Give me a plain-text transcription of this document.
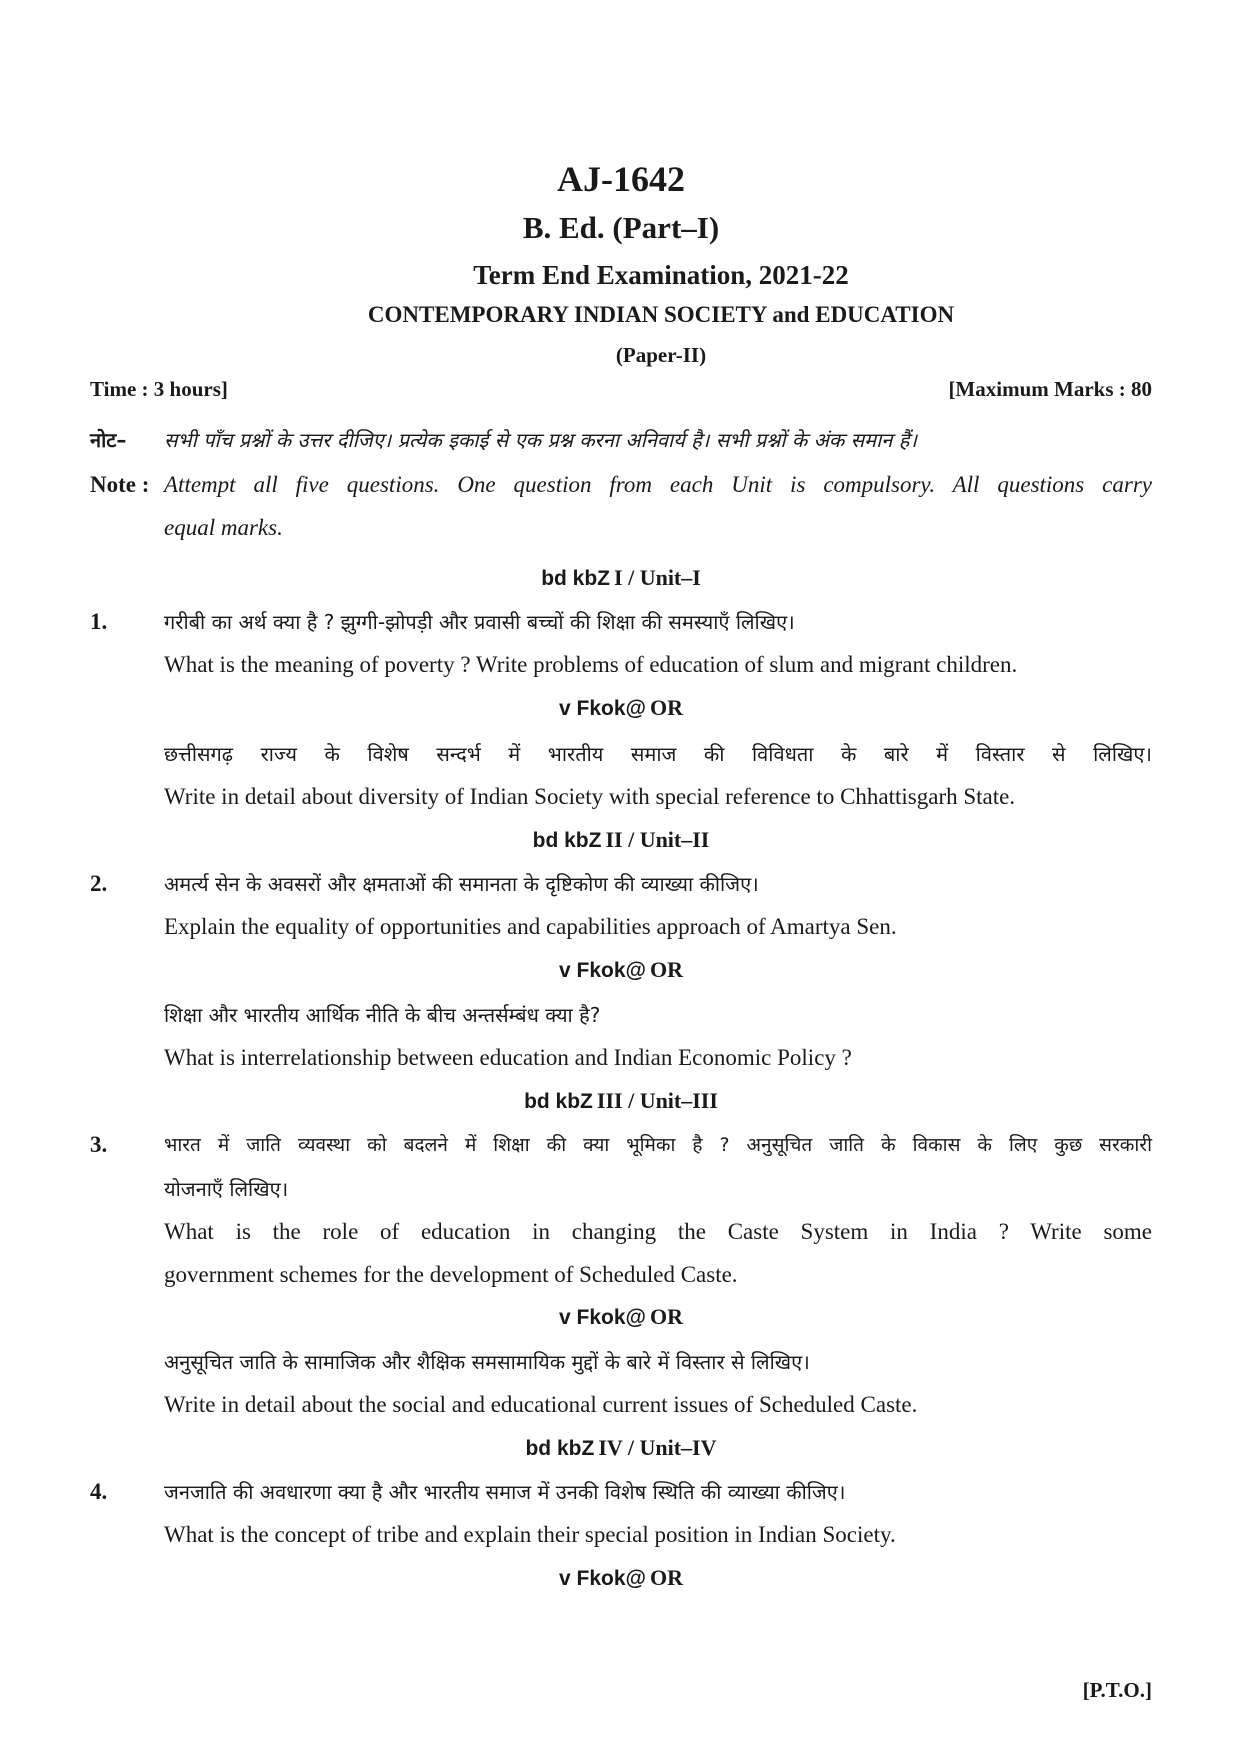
AJ-1642
B. Ed. (Part–I)
Term End Examination, 2021-22
CONTEMPORARY INDIAN SOCIETY and EDUCATION
(Paper-II)
Time : 3 hours]	[Maximum Marks : 80
नोट– सभी पाँच प्रश्नों के उत्तर दीजिए। प्रत्येक इकाई से एक प्रश्न करना अनिवार्य है। सभी प्रश्नों के अंक समान हैं।
Note : Attempt all five questions. One question from each Unit is compulsory. All questions carry
equal marks.
bd kbZ I / Unit–I
1.	गरीबी का अर्थ क्या है ? झुग्गी-झोपड़ी और प्रवासी बच्चों की शिक्षा की समस्याएँ लिखिए।
What is the meaning of poverty ? Write problems of education of slum and migrant children.
v Fkok@ OR
छत्तीसगढ़ राज्य के विशेष सन्दर्भ में भारतीय समाज की विविधता के बारे में विस्तार से लिखिए।
Write in detail about diversity of Indian Society with special reference to Chhattisgarh State.
bd kbZ II / Unit–II
2.	अमर्त्य सेन के अवसरों और क्षमताओं की समानता के दृष्टिकोण की व्याख्या कीजिए।
Explain the equality of opportunities and capabilities approach of Amartya Sen.
v Fkok@ OR
शिक्षा और भारतीय आर्थिक नीति के बीच अन्तर्सम्बंध क्या है?
What is interrelationship between education and Indian Economic Policy ?
bd kbZ III / Unit–III
3.	भारत में जाति व्यवस्था को बदलने में शिक्षा की क्या भूमिका है ? अनुसूचित जाति के विकास के लिए कुछ सरकारी
योजनाएँ लिखिए।
What is the role of education in changing the Caste System in India ? Write some
government schemes for the development of Scheduled Caste.
v Fkok@ OR
अनुसूचित जाति के सामाजिक और शैक्षिक समसामायिक मुद्दों के बारे में विस्तार से लिखिए।
Write in detail about the social and educational current issues of Scheduled Caste.
bd kbZ IV / Unit–IV
4.	जनजाति की अवधारणा क्या है और भारतीय समाज में उनकी विशेष स्थिति की व्याख्या कीजिए।
What is the concept of tribe and explain their special position in Indian Society.
v Fkok@ OR
[P.T.O.]
